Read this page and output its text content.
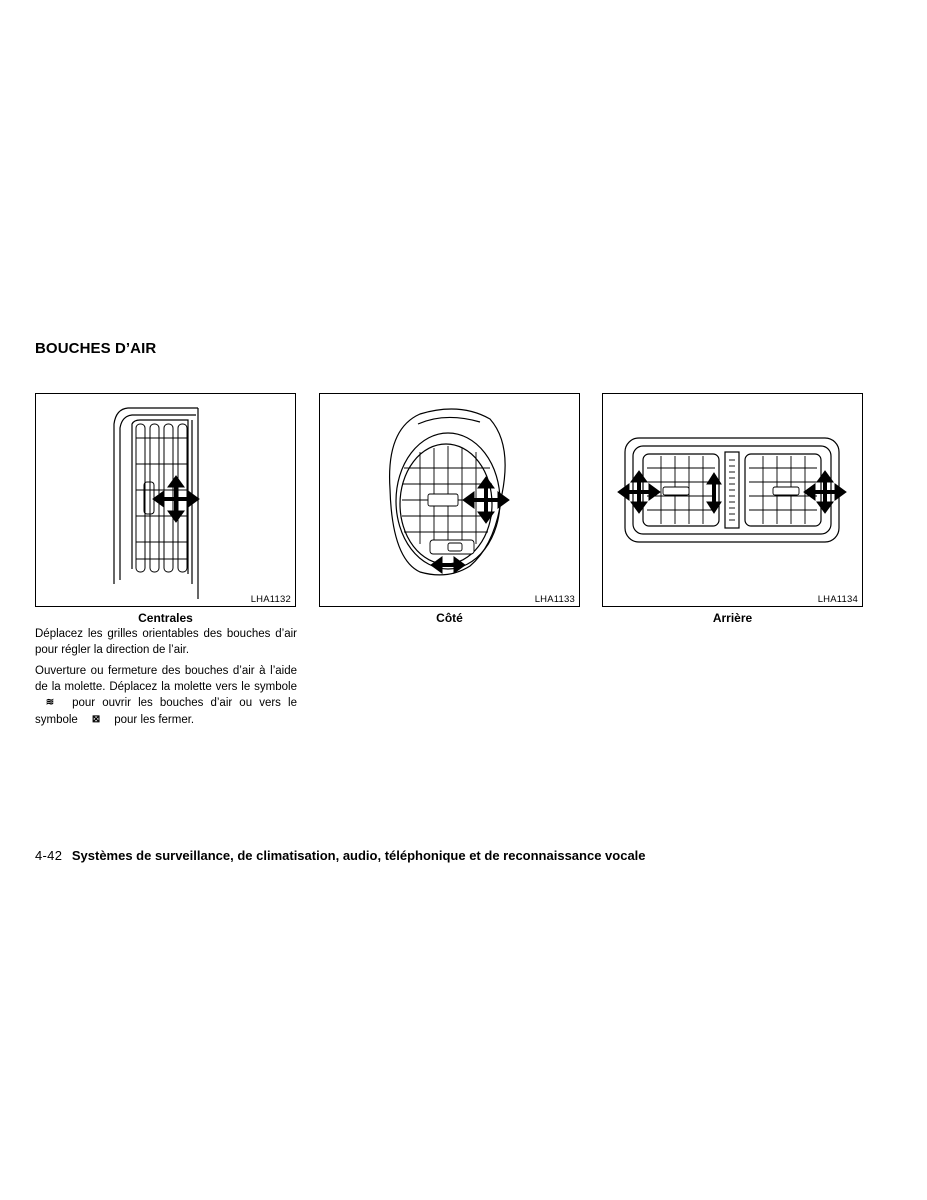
BOUCHES D’AIR
LHA1132
Centrales
LHA1133
Côté
LHA1134
Arrière
Déplacez les grilles orientables des bouches d’air pour régler la direction de l’air.
Ouverture ou fermeture des bouches d’air à l’aide de la molette. Déplacez la molette vers le symbole ≋ pour ouvrir les bouches d’air ou vers le symbole ⊠ pour les fermer.
4-42 Systèmes de surveillance, de climatisation, audio, téléphonique et de reconnaissance vocale
